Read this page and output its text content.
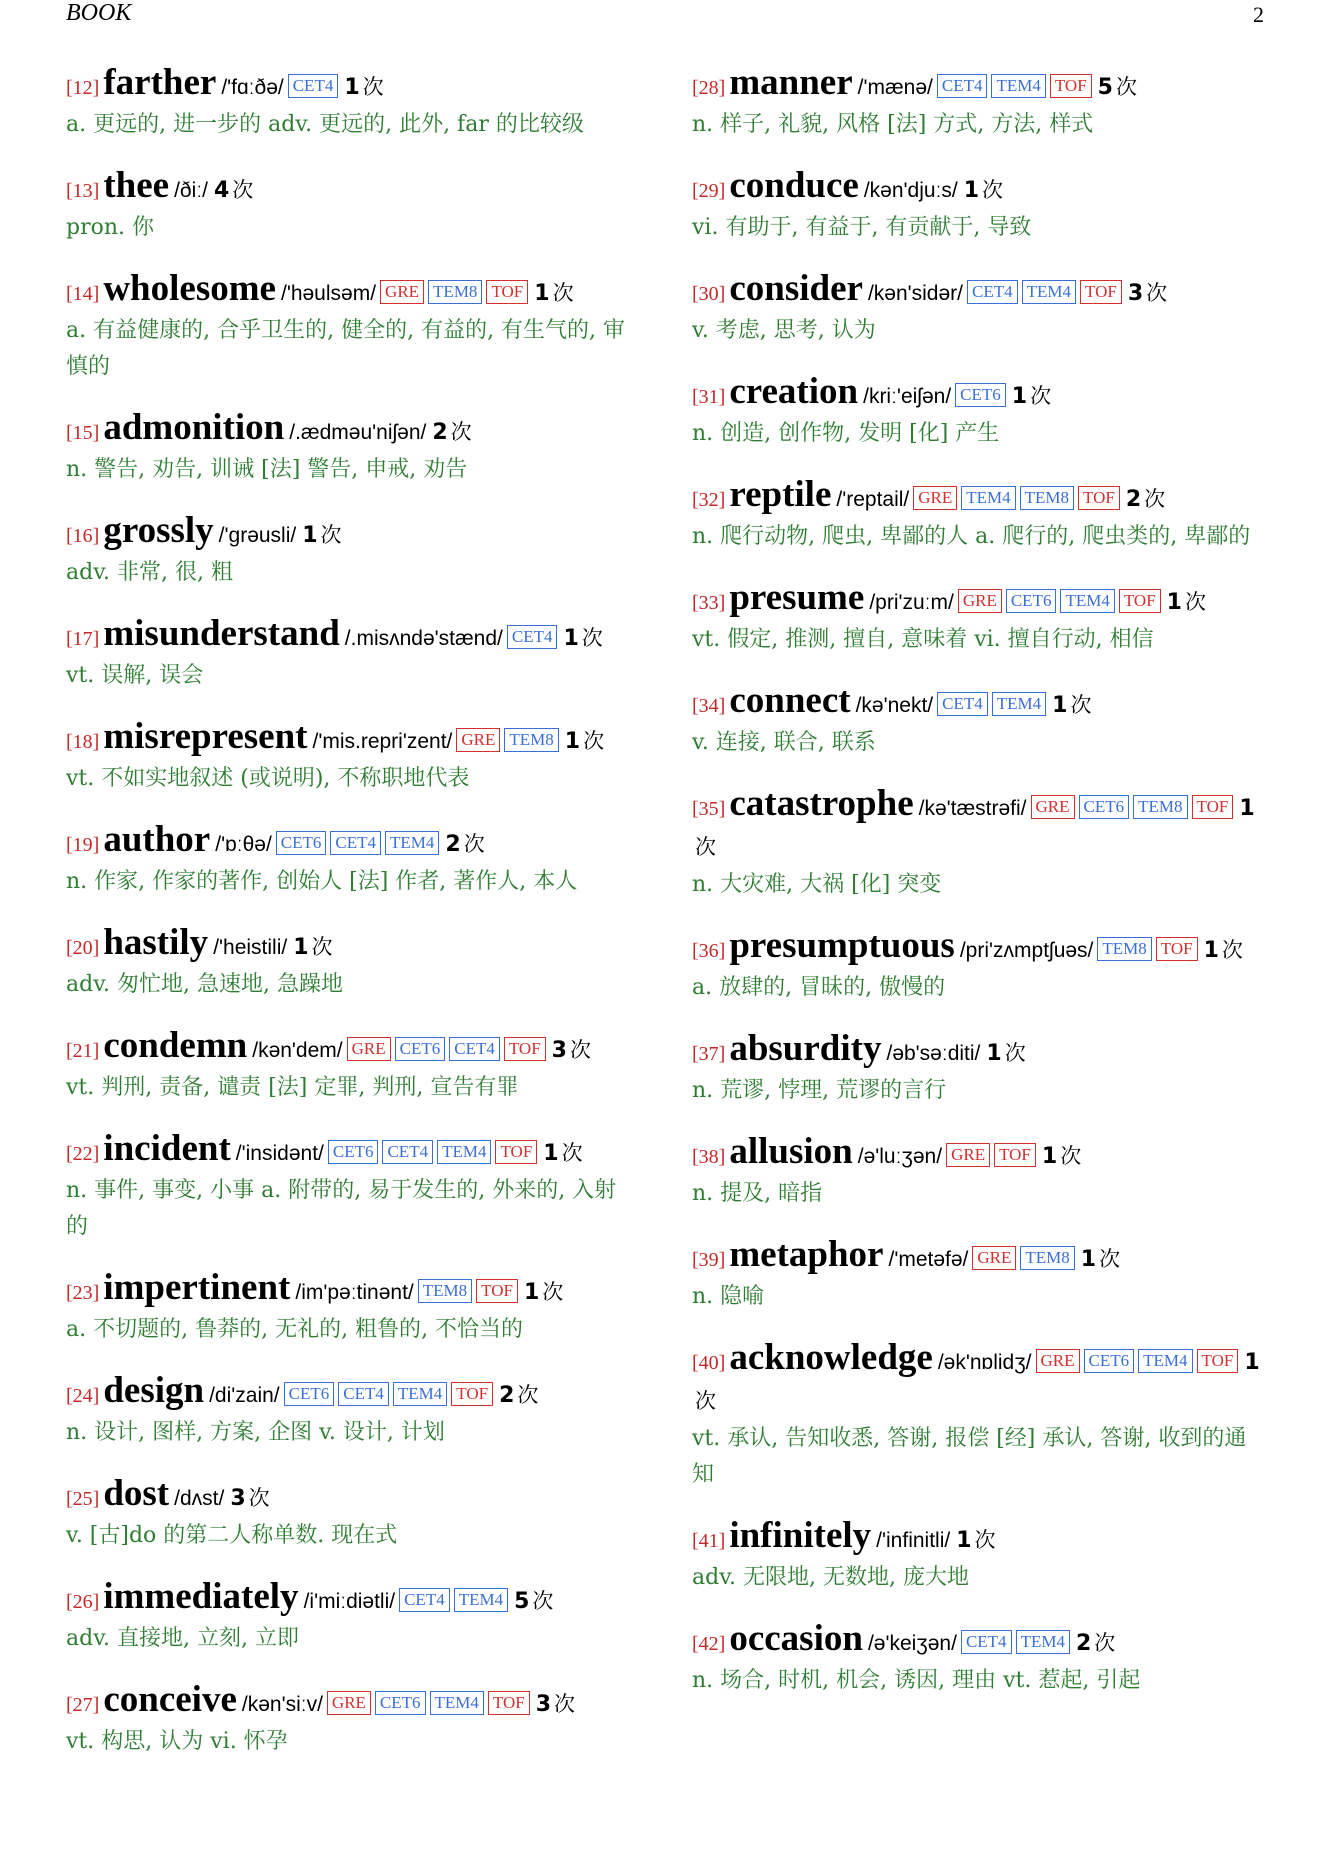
BOOK	2
[12] farther /'fɑːðə/ CET4 1 次
a. 更远的, 进一步的 adv. 更远的, 此外, far 的比较级
[13] thee /ðiː/ 4 次
pron. 你
[14] wholesome /'həulsəm/ GRE TEM8 TOF 1 次
a. 有益健康的, 合乎卫生的, 健全的, 有益的, 有生气的, 审慎的
[15] admonition /.ædməu'niʃən/ 2 次
n. 警告, 劝告, 训诫 [法] 警告, 申戒, 劝告
[16] grossly /'grəusli/ 1 次
adv. 非常, 很, 粗
[17] misunderstand /.misʌndə'stænd/ CET4 1 次
vt. 误解, 误会
[18] misrepresent /'mis.repri'zent/ GRE TEM8 1 次
vt. 不如实地叙述 (或说明), 不称职地代表
[19] author /'ɒːθə/ CET6 CET4 TEM4 2 次
n. 作家, 作家的著作, 创始人 [法] 作者, 著作人, 本人
[20] hastily /'heistili/ 1 次
adv. 匆忙地, 急速地, 急躁地
[21] condemn /kən'dem/ GRE CET6 CET4 TOF 3 次
vt. 判刑, 责备, 谴责 [法] 定罪, 判刑, 宣告有罪
[22] incident /'insidənt/ CET6 CET4 TEM4 TOF 1 次
n. 事件, 事变, 小事 a. 附带的, 易于发生的, 外来的, 入射的
[23] impertinent /im'pəːtinənt/ TEM8 TOF 1 次
a. 不切题的, 鲁莽的, 无礼的, 粗鲁的, 不恰当的
[24] design /di'zain/ CET6 CET4 TEM4 TOF 2 次
n. 设计, 图样, 方案, 企图 v. 设计, 计划
[25] dost /dʌst/ 3 次
v. [古]do 的第二人称单数. 现在式
[26] immediately /i'miːdiətli/ CET4 TEM4 5 次
adv. 直接地, 立刻, 立即
[27] conceive /kən'siːv/ GRE CET6 TEM4 TOF 3 次
vt. 构思, 认为 vi. 怀孕
[28] manner /'mænə/ CET4 TEM4 TOF 5 次
n. 样子, 礼貌, 风格 [法] 方式, 方法, 样式
[29] conduce /kən'djuːs/ 1 次
vi. 有助于, 有益于, 有贡献于, 导致
[30] consider /kən'sidər/ CET4 TEM4 TOF 3 次
v. 考虑, 思考, 认为
[31] creation /kriː'eiʃən/ CET6 1 次
n. 创造, 创作物, 发明 [化] 产生
[32] reptile /'reptail/ GRE TEM4 TEM8 TOF 2 次
n. 爬行动物, 爬虫, 卑鄙的人 a. 爬行的, 爬虫类的, 卑鄙的
[33] presume /pri'zuːm/ GRE CET6 TEM4 TOF 1 次
vt. 假定, 推测, 擅自, 意味着 vi. 擅自行动, 相信
[34] connect /kə'nekt/ CET4 TEM4 1 次
v. 连接, 联合, 联系
[35] catastrophe /kə'tæstrəfi/ GRE CET6 TEM8 TOF 1次
n. 大灾难, 大祸 [化] 突变
[36] presumptuous /pri'zʌmptʃuəs/ TEM8 TOF 1 次
a. 放肆的, 冒昧的, 傲慢的
[37] absurdity /əb'səːditi/ 1 次
n. 荒谬, 悖理, 荒谬的言行
[38] allusion /ə'luːʒən/ GRE TOF 1 次
n. 提及, 暗指
[39] metaphor /'metəfə/ GRE TEM8 1 次
n. 隐喻
[40] acknowledge /ək'nɒlidʒ/ GRE CET6 TEM4 TOF 1次
vt. 承认, 告知收悉, 答谢, 报偿 [经] 承认, 答谢, 收到的通知
[41] infinitely /'infinitli/ 1 次
adv. 无限地, 无数地, 庞大地
[42] occasion /ə'keiʒən/ CET4 TEM4 2 次
n. 场合, 时机, 机会, 诱因, 理由 vt. 惹起, 引起
